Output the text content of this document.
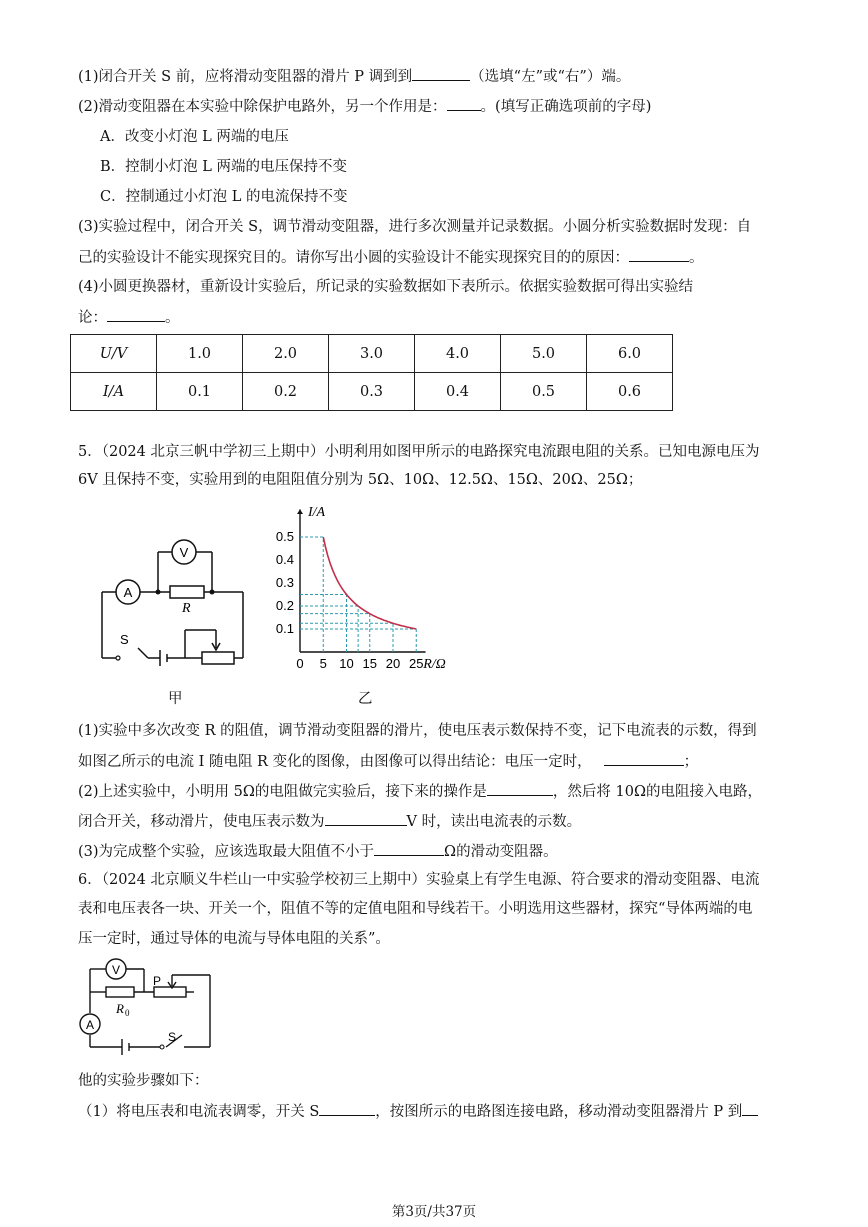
(1)闭合开关 S 前，应将滑动变阻器的滑片 P 调到到	（选填“左”或“右”）端。
(2)滑动变阻器在本实验中除保护电路外，另一个作用是： 。(填写正确选项前的字母)
A．改变小灯泡 L 两端的电压
B．控制小灯泡 L 两端的电压保持不变
C．控制通过小灯泡 L 的电流保持不变
(3)实验过程中，闭合开关 S，调节滑动变阻器，进行多次测量并记录数据。小圆分析实验数据时发现：自
己的实验设计不能实现探究目的。请你写出小圆的实验设计不能实现探究目的的原因：	。
(4)小圆更换器材，重新设计实验后，所记录的实验数据如下表所示。依据实验数据可得出实验结
论：	。
U/V	1.0	2.0	3.0	4.0	5.0	6.0
I/A	0.1	0.2	0.3	0.4	0.5	0.6
5．（2024 北京三帆中学初三上期中）小明利用如图甲所示的电路探究电流跟电阻的关系。已知电源电压为
6V 且保持不变，实验用到的电阻阻值分别为 5Ω、10Ω、12.5Ω、15Ω、20Ω、25Ω；
A
V
R
S
甲
0 5 10 15 20 25
0.1
0.2
0.3
0.4
0.5
I/A
R/Ω
乙
(1)实验中多次改变 R 的阻值，调节滑动变阻器的滑片，使电压表示数保持不变，记下电流表的示数，得到
如图乙所示的电流 I 随电阻 R 变化的图像，由图像可以得出结论：电压一定时，	；
(2)上述实验中，小明用 5Ω的电阻做完实验后，接下来的操作是	，然后将 10Ω的电阻接入电路，
闭合开关，移动滑片，使电压表示数为	V 时，读出电流表的示数。
(3)为完成整个实验，应该选取最大阻值不小于	Ω的滑动变阻器。
6．（2024 北京顺义牛栏山一中实验学校初三上期中）实验桌上有学生电源、符合要求的滑动变阻器、电流
表和电压表各一块、开关一个，阻值不等的定值电阻和导线若干。小明选用这些器材，探究“导体两端的电
压一定时，通过导体的电流与导体电阻的关系”。
V
A
R 0
P
S
他的实验步骤如下：
（1）将电压表和电流表调零，开关 S	，按图所示的电路图连接电路，移动滑动变阻器滑片 P 到
第3页/共37页
